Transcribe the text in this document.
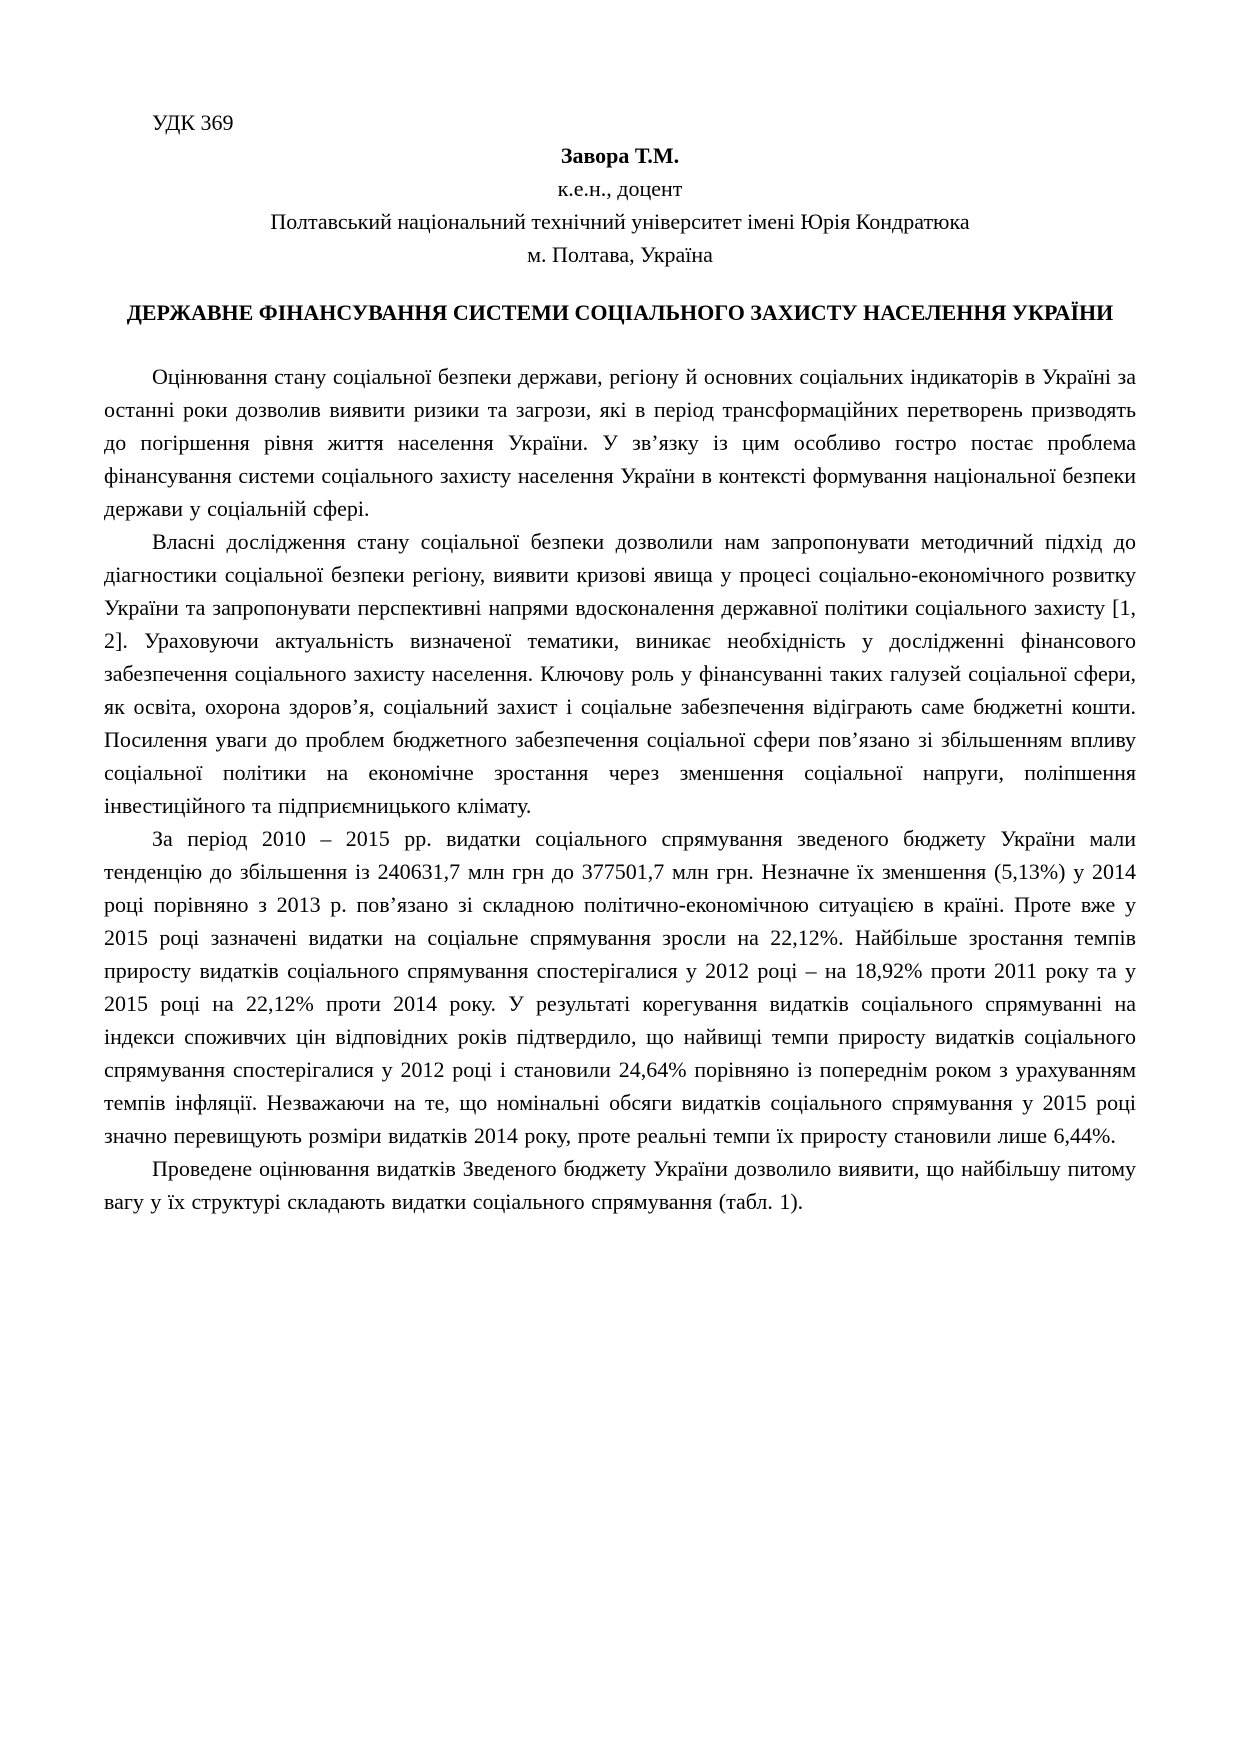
УДК 369
Завора Т.М.
к.е.н., доцент
Полтавський національний технічний університет імені Юрія Кондратюка
м. Полтава, Україна
ДЕРЖАВНЕ ФІНАНСУВАННЯ СИСТЕМИ СОЦІАЛЬНОГО ЗАХИСТУ НАСЕЛЕННЯ УКРАЇНИ

Оцінювання стану соціальної безпеки держави, регіону й основних соціальних індикаторів в Україні за останні роки дозволив виявити ризики та загрози, які в період трансформаційних перетворень призводять до погіршення рівня життя населення України. У зв’язку із цим особливо гостро постає проблема фінансування системи соціального захисту населення України в контексті формування національної безпеки держави у соціальній сфері.

Власні дослідження стану соціальної безпеки дозволили нам запропонувати методичний підхід до діагностики соціальної безпеки регіону, виявити кризові явища у процесі соціально-економічного розвитку України та запропонувати перспективні напрями вдосконалення державної політики соціального захисту [1, 2]. Ураховуючи актуальність визначеної тематики, виникає необхідність у дослідженні фінансового забезпечення соціального захисту населення. Ключову роль у фінансуванні таких галузей соціальної сфери, як освіта, охорона здоров’я, соціальний захист і соціальне забезпечення відіграють саме бюджетні кошти. Посилення уваги до проблем бюджетного забезпечення соціальної сфери пов’язано зі збільшенням впливу соціальної політики на економічне зростання через зменшення соціальної напруги, поліпшення інвестиційного та підприємницького клімату.

За період 2010 – 2015 рр. видатки соціального спрямування зведеного бюджету України мали тенденцію до збільшення із 240631,7 млн грн до 377501,7 млн грн. Незначне їх зменшення (5,13%) у 2014 році порівняно з 2013 р. пов’язано зі складною політично-економічною ситуацією в країні. Проте вже у 2015 році зазначені видатки на соціальне спрямування зросли на 22,12%. Найбільше зростання темпів приросту видатків соціального спрямування спостерігалися у 2012 році – на 18,92% проти 2011 року та у 2015 році на 22,12% проти 2014 року. У результаті корегування видатків соціального спрямуванні на індекси споживчих цін відповідних років підтвердило, що найвищі темпи приросту видатків соціального спрямування спостерігалися у 2012 році і становили 24,64% порівняно із попереднім роком з урахуванням темпів інфляції. Незважаючи на те, що номінальні обсяги видатків соціального спрямування у 2015 році значно перевищують розміри видатків 2014 року, проте реальні темпи їх приросту становили лише 6,44%.

Проведене оцінювання видатків Зведеного бюджету України дозволило виявити, що найбільшу питому вагу у їх структурі складають видатки соціального спрямування (табл. 1).
